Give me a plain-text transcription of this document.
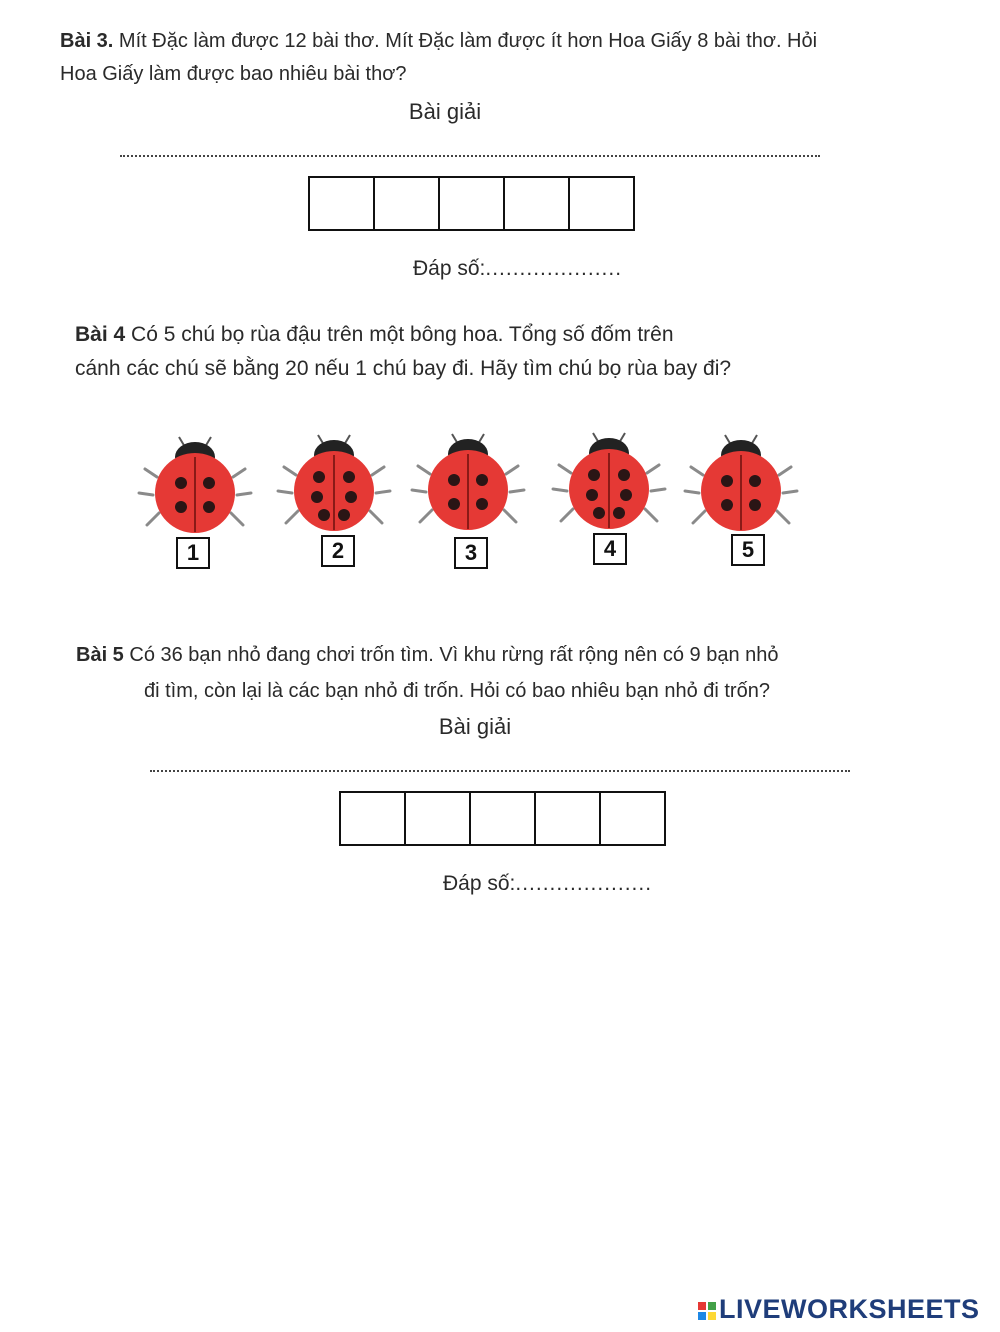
Bài 3. Mít Đặc làm được 12 bài thơ. Mít Đặc làm được ít hơn Hoa Giấy 8 bài thơ. Hỏi
Hoa Giấy làm được bao nhiêu bài thơ?
Bài giải
Đáp số:....................
Bài 4 Có 5 chú bọ rùa đậu trên một bông hoa. Tổng số đốm trên
cánh các chú sẽ bằng 20 nếu 1 chú bay đi. Hãy tìm chú bọ rùa bay đi?
1	2	3	4	5
Bài 5 Có 36 bạn nhỏ đang chơi trốn tìm. Vì khu rừng rất rộng nên có 9 bạn nhỏ
đi tìm, còn lại là các bạn nhỏ đi trốn. Hỏi có bao nhiêu bạn nhỏ đi trốn?
Bài giải
Đáp số:....................
LIVEWORKSHEETS
